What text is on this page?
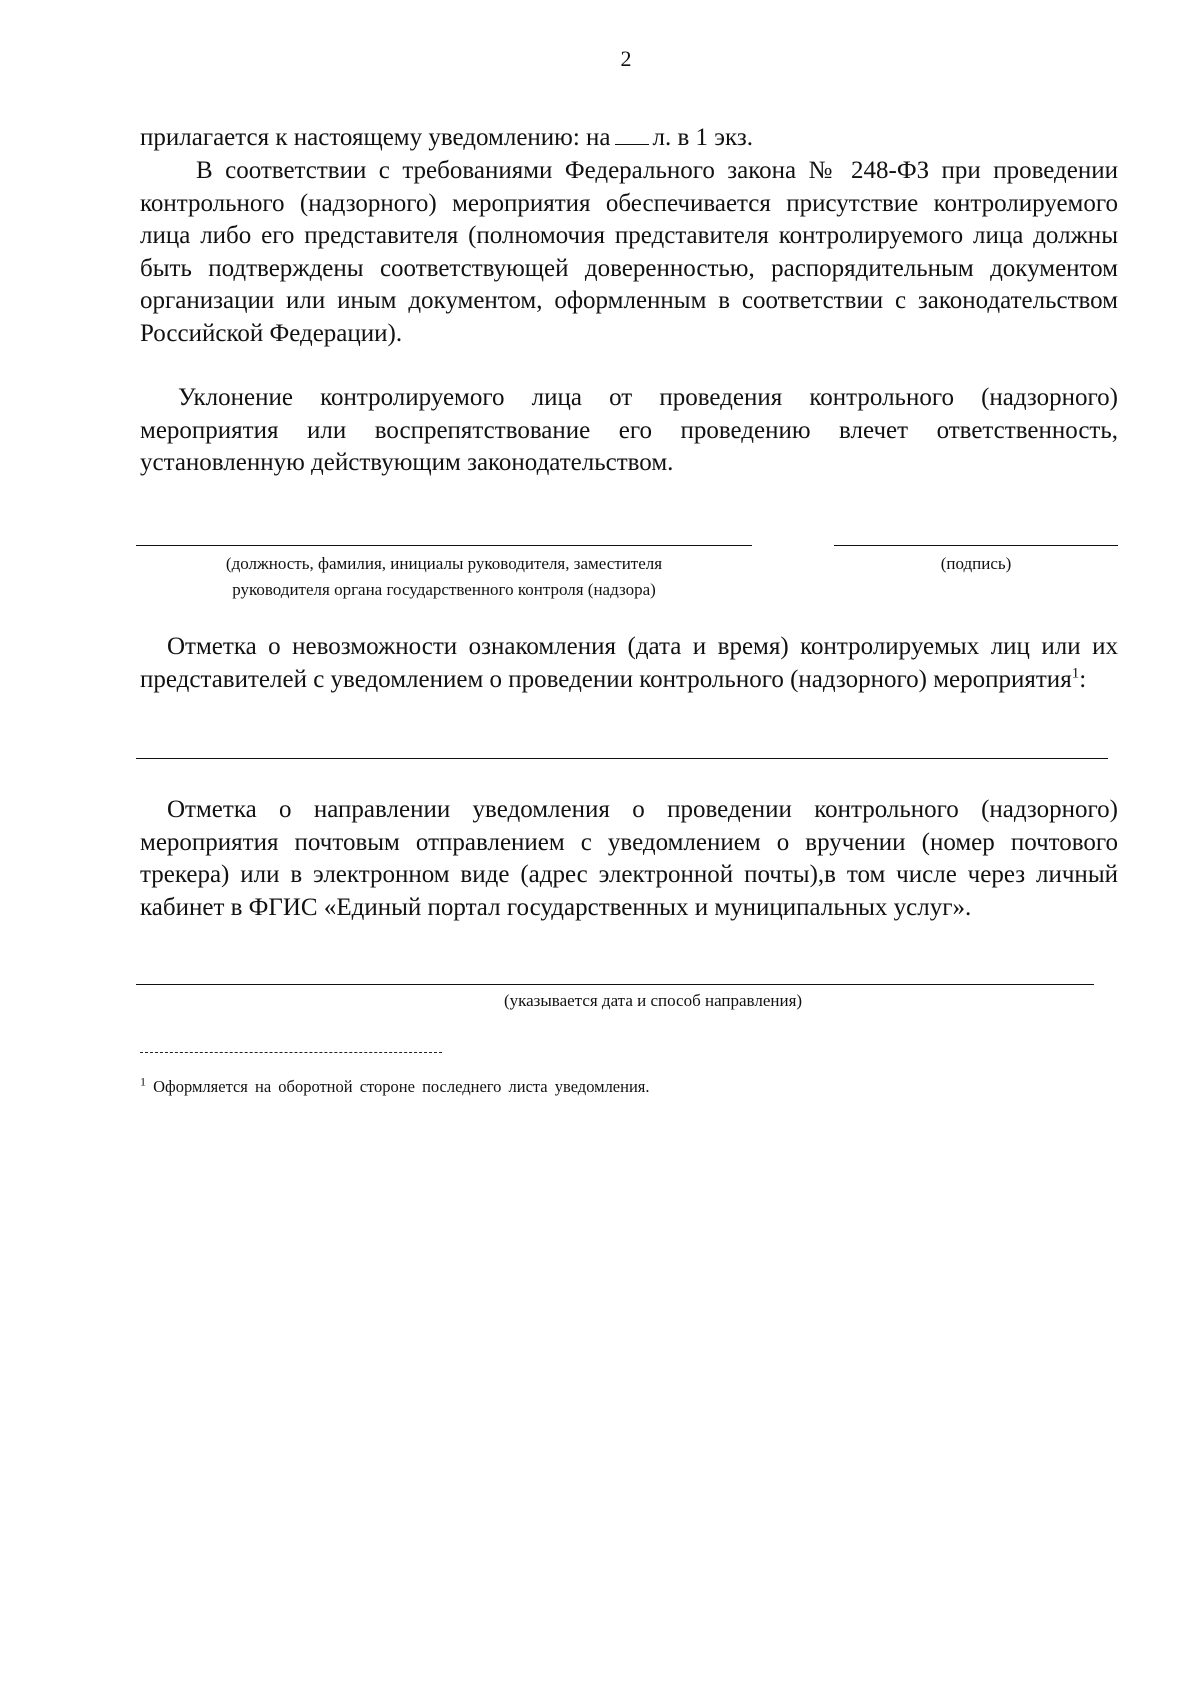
2

прилагается к настоящему уведомлению: на л. в 1 экз.

В соответствии с требованиями Федерального закона № 248-ФЗ при проведении контрольного (надзорного) мероприятия обеспечивается присутствие контролируемого лица либо его представителя (полномочия представителя контролируемого лица должны быть подтверждены соответствующей доверенностью, распорядительным документом организации или иным документом, оформленным в соответствии с законодательством Российской Федерации).

Уклонение контролируемого лица от проведения контрольного (надзорного) мероприятия или воспрепятствование его проведению влечет ответственность, установленную действующим законодательством.

(должность, фамилия, инициалы руководителя, заместителя
руководителя органа государственного контроля (надзора)
(подпись)

Отметка о невозможности ознакомления (дата и время) контролируемых лиц или их представителей с уведомлением о проведении контрольного (надзорного) мероприятия$^1$:

Отметка о направлении уведомления о проведении контрольного (надзорного) мероприятия почтовым отправлением с уведомлением о вручении (номер почтового трекера) или в электронном виде (адрес электронной почты),в том числе через личный кабинет в ФГИС «Единый портал государственных и муниципальных услуг».

(указывается дата и способ направления)
$^1$ Оформляется на оборотной стороне последнего листа уведомления.
